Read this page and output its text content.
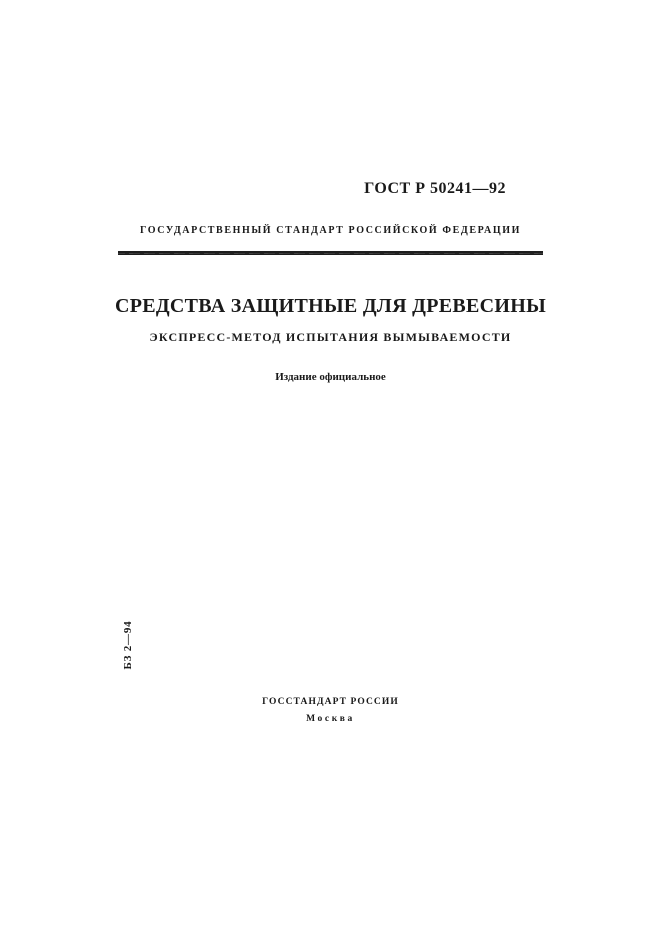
ГОСТ Р 50241—92
ГОСУДАРСТВЕННЫЙ СТАНДАРТ РОССИЙСКОЙ ФЕДЕРАЦИИ
СРЕДСТВА ЗАЩИТНЫЕ ДЛЯ ДРЕВЕСИНЫ
ЭКСПРЕСС-МЕТОД ИСПЫТАНИЯ ВЫМЫВАЕМОСТИ
Издание официальное
БЗ 2—94
ГОССТАНДАРТ РОССИИ
Москва
